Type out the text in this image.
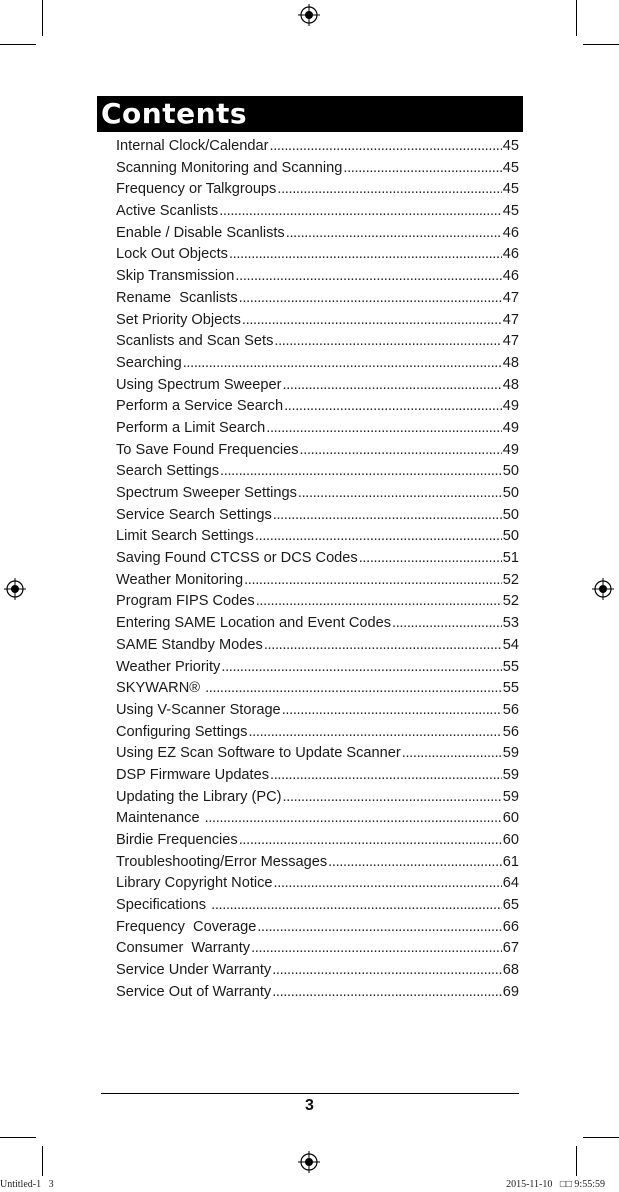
Contents
Internal Clock/Calendar . . .	45
Scanning Monitoring and Scanning . . .	45
Frequency or Talkgroups . . .	45
Active Scanlists . . .	45
Enable / Disable Scanlists . . .	46
Lock Out Objects . . .	46
Skip Transmission . . .	46
Rename  Scanlists . . .	47
Set Priority Objects . . .	47
Scanlists and Scan Sets . . .	47
Searching . . .	48
Using Spectrum Sweeper . . .	48
Perform a Service Search . . .	49
Perform a Limit Search . . .	49
To Save Found Frequencies . . .	49
Search Settings . . .	50
Spectrum Sweeper Settings . . .	50
Service Search Settings . . .	50
Limit Search Settings . . .	50
Saving Found CTCSS or DCS Codes . . .	51
Weather Monitoring . . .	52
Program FIPS Codes . . .	52
Entering SAME Location and Event Codes . . .	53
SAME Standby Modes . . .	54
Weather Priority . . .	55
SKYWARN® . . .	55
Using V-Scanner Storage . . .	56
Configuring Settings . . .	56
Using EZ Scan Software to Update Scanner . . .	59
DSP Firmware Updates . . .	59
Updating the Library (PC) . . .	59
Maintenance . . .	60
Birdie Frequencies . . .	60
Troubleshooting/Error Messages . . .	61
Library Copyright Notice . . .	64
Specifications . . .	65
Frequency  Coverage . . .	66
Consumer  Warranty . . .	67
Service Under Warranty . . .	68
Service Out of Warranty . . .	69
3
Untitled-1   3	2015-11-10   □□ 9:55:59
